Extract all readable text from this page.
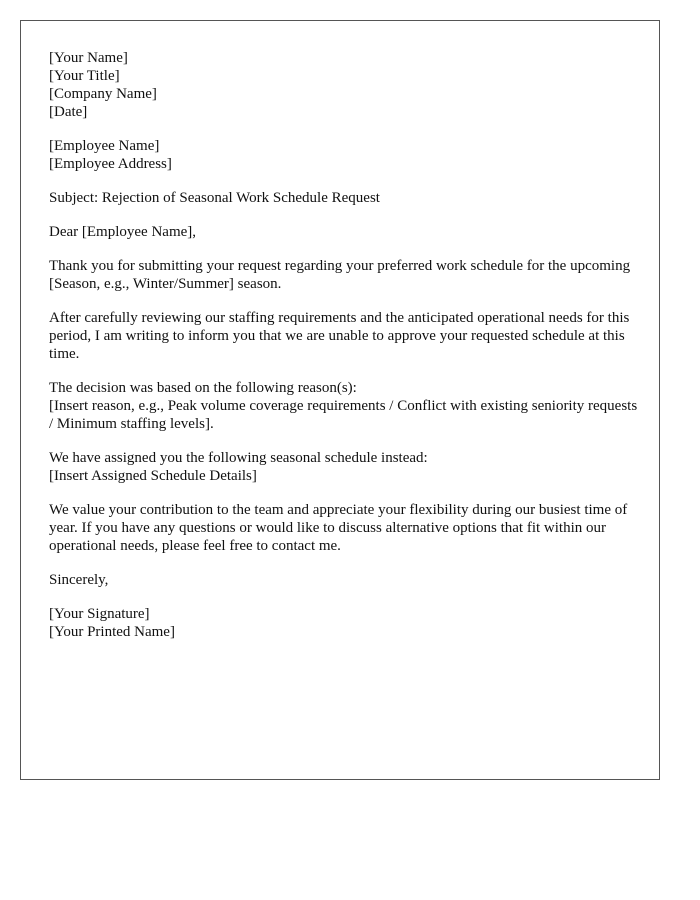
[Your Name]
[Your Title]
[Company Name]
[Date]
[Employee Name]
[Employee Address]

Subject: Rejection of Seasonal Work Schedule Request

Dear [Employee Name],

Thank you for submitting your request regarding your preferred work schedule for the upcoming [Season, e.g., Winter/Summer] season.

After carefully reviewing our staffing requirements and the anticipated operational needs for this period, I am writing to inform you that we are unable to approve your requested schedule at this time.

The decision was based on the following reason(s):
[Insert reason, e.g., Peak volume coverage requirements / Conflict with existing seniority requests / Minimum staffing levels].
We have assigned you the following seasonal schedule instead:
[Insert Assigned Schedule Details]

We value your contribution to the team and appreciate your flexibility during our busiest time of year. If you have any questions or would like to discuss alternative options that fit within our operational needs, please feel free to contact me.

Sincerely,

[Your Signature]
[Your Printed Name]
